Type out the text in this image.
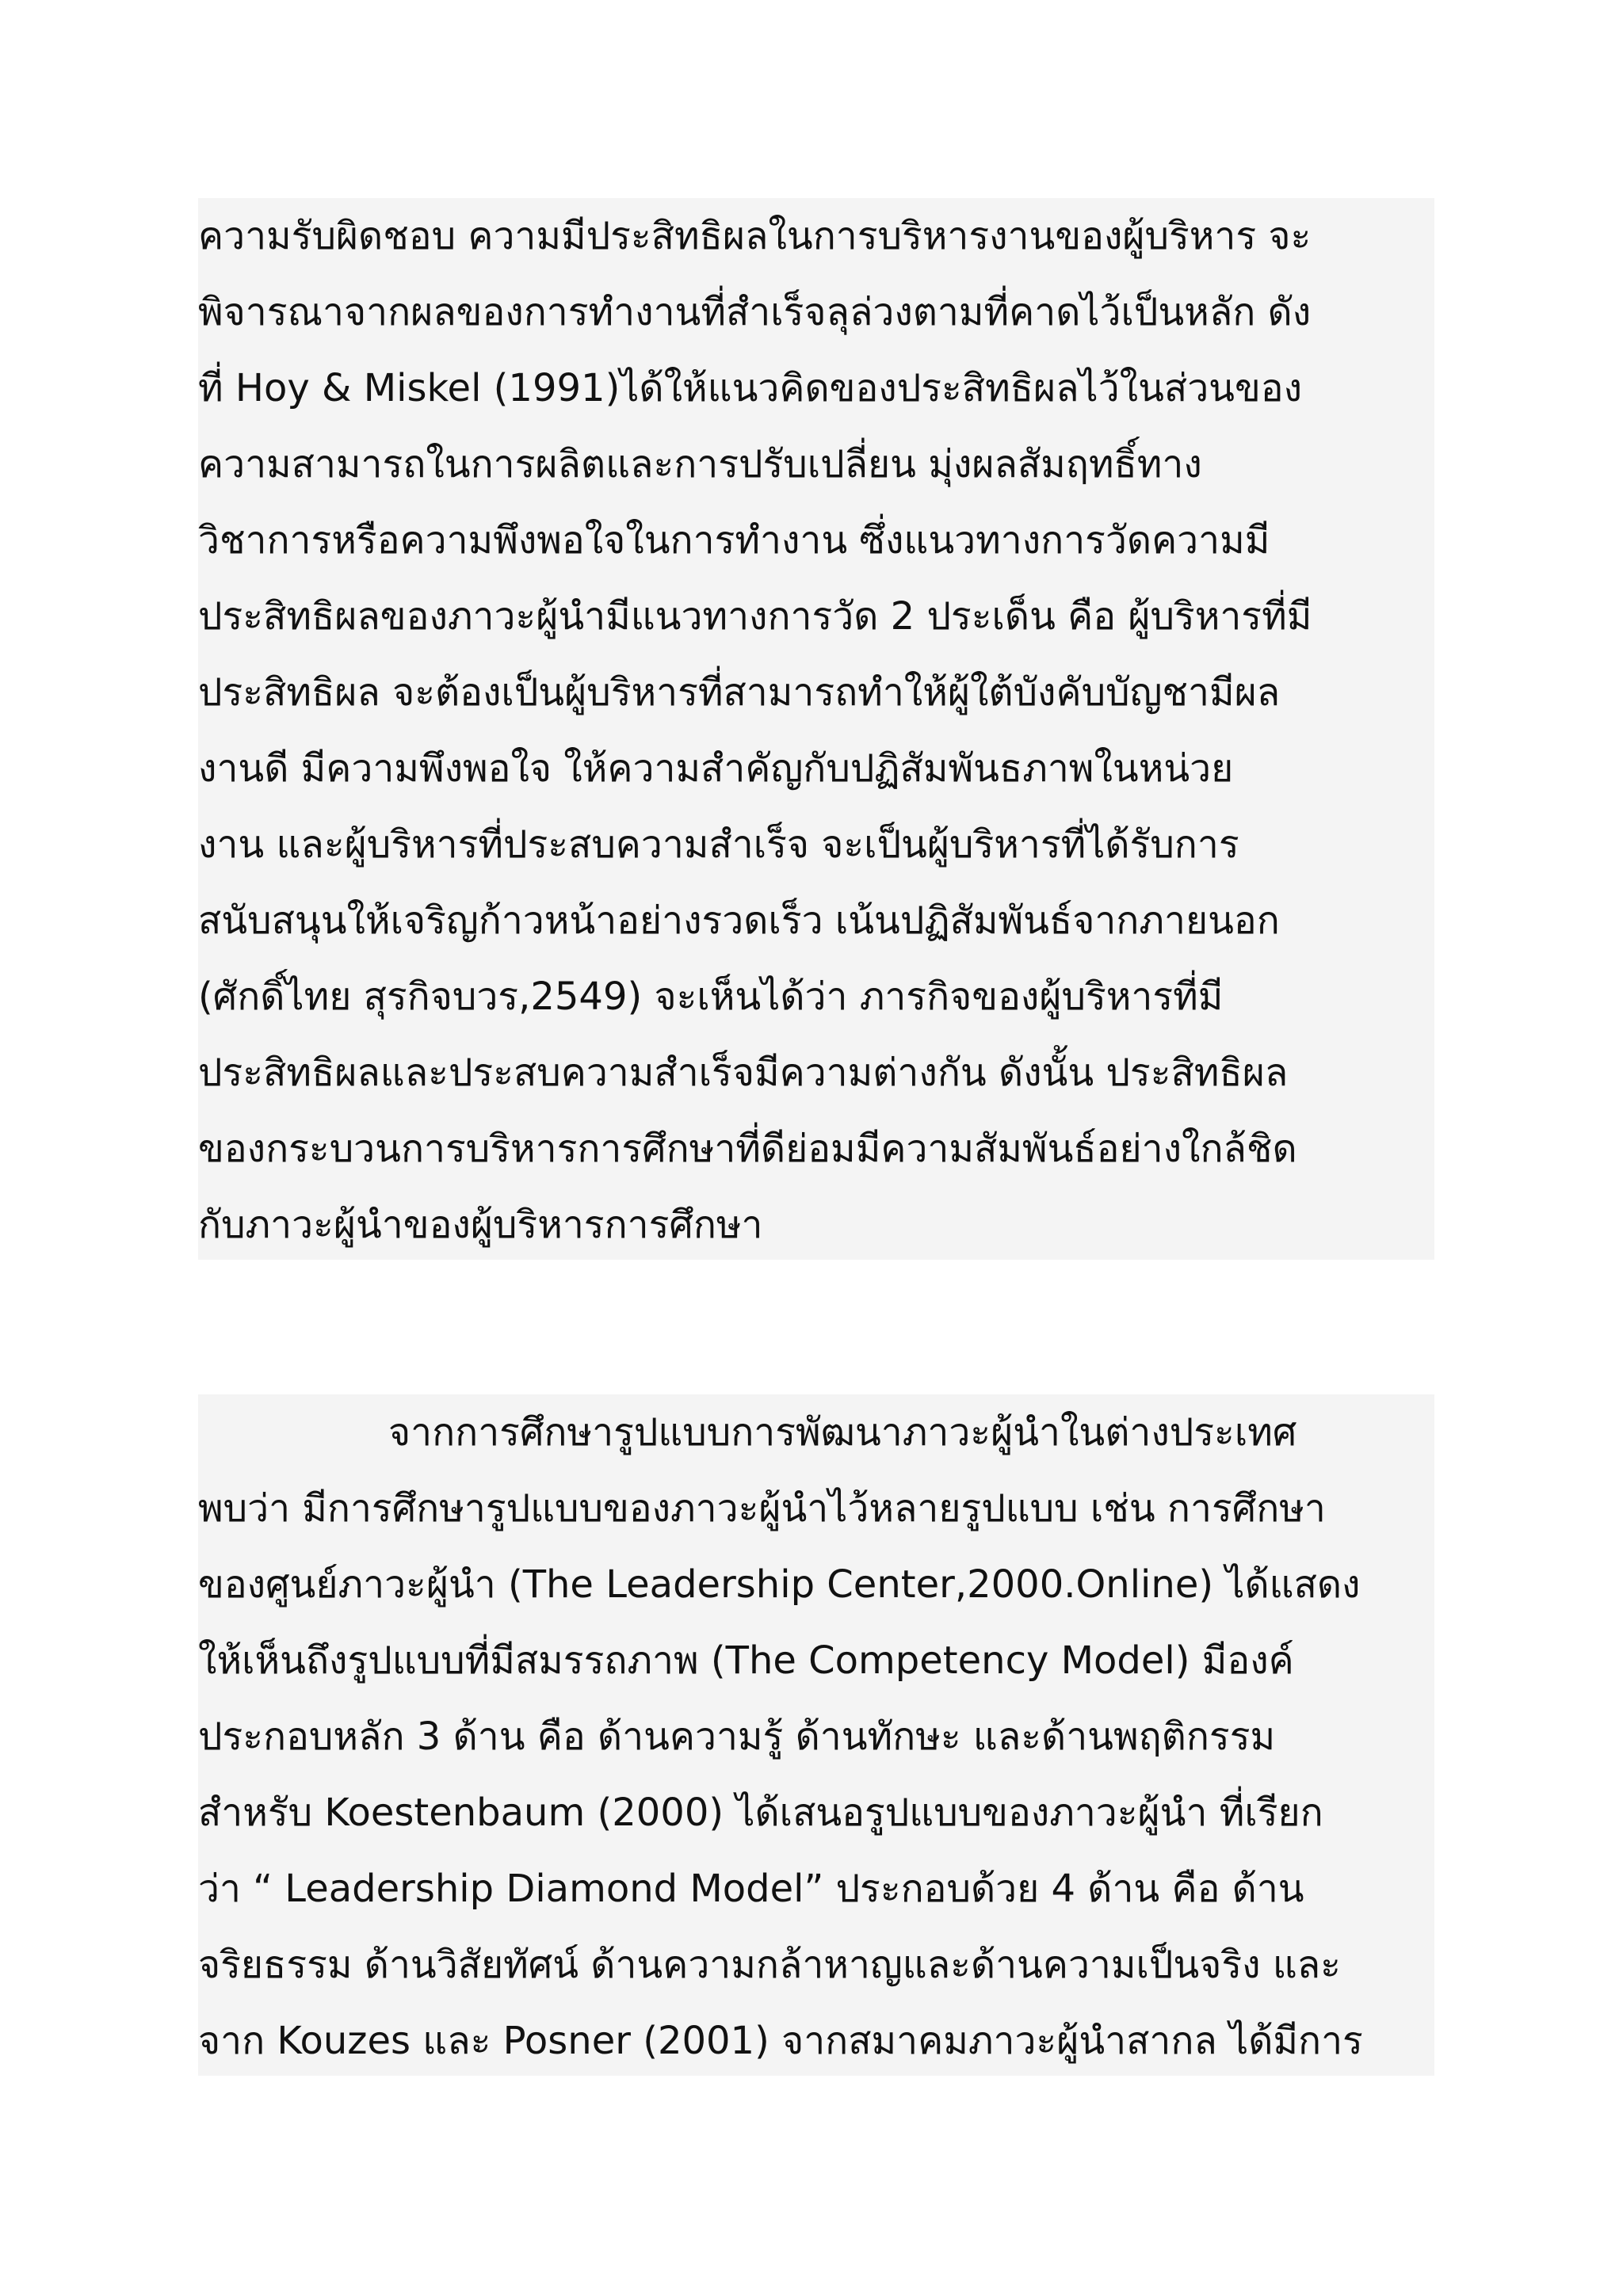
ความรับผิดชอบ ความมีประสิทธิผลในการบริหารงานของผู้บริหาร จะ
พิจารณาจากผลของการทำงานที่สำเร็จลุล่วงตามที่คาดไว้เป็นหลัก ดัง
ที่ Hoy & Miskel (1991)ได้ให้แนวคิดของประสิทธิผลไว้ในส่วนของ
ความสามารถในการผลิตและการปรับเปลี่ยน มุ่งผลสัมฤทธิ์ทาง
วิชาการหรือความพึงพอใจในการทำงาน ซึ่งแนวทางการวัดความมี
ประสิทธิผลของภาวะผู้นำมีแนวทางการวัด 2 ประเด็น คือ ผู้บริหารที่มี
ประสิทธิผล จะต้องเป็นผู้บริหารที่สามารถทำให้ผู้ใต้บังคับบัญชามีผล
งานดี มีความพึงพอใจ ให้ความสำคัญกับปฏิสัมพันธภาพในหน่วย
งาน และผู้บริหารที่ประสบความสำเร็จ จะเป็นผู้บริหารที่ได้รับการ
สนับสนุนให้เจริญก้าวหน้าอย่างรวดเร็ว เน้นปฏิสัมพันธ์จากภายนอก
(ศักดิ์ไทย สุรกิจบวร,2549) จะเห็นได้ว่า ภารกิจของผู้บริหารที่มี
ประสิทธิผลและประสบความสำเร็จมีความต่างกัน ดังนั้น ประสิทธิผล
ของกระบวนการบริหารการศึกษาที่ดีย่อมมีความสัมพันธ์อย่างใกล้ชิด
กับภาวะผู้นำของผู้บริหารการศึกษา
จากการศึกษารูปแบบการพัฒนาภาวะผู้นำในต่างประเทศ
พบว่า มีการศึกษารูปแบบของภาวะผู้นำไว้หลายรูปแบบ เช่น การศึกษา
ของศูนย์ภาวะผู้นำ (The Leadership Center,2000.Online) ได้แสดง
ให้เห็นถึงรูปแบบที่มีสมรรถภาพ (The Competency Model) มีองค์
ประกอบหลัก 3 ด้าน คือ ด้านความรู้ ด้านทักษะ และด้านพฤติกรรม
สำหรับ Koestenbaum (2000) ได้เสนอรูปแบบของภาวะผู้นำ ที่เรียก
ว่า “ Leadership Diamond Model” ประกอบด้วย 4 ด้าน คือ ด้าน
จริยธรรม ด้านวิสัยทัศน์ ด้านความกล้าหาญและด้านความเป็นจริง และ
จาก Kouzes และ Posner (2001) จากสมาคมภาวะผู้นำสากล ได้มีการ
